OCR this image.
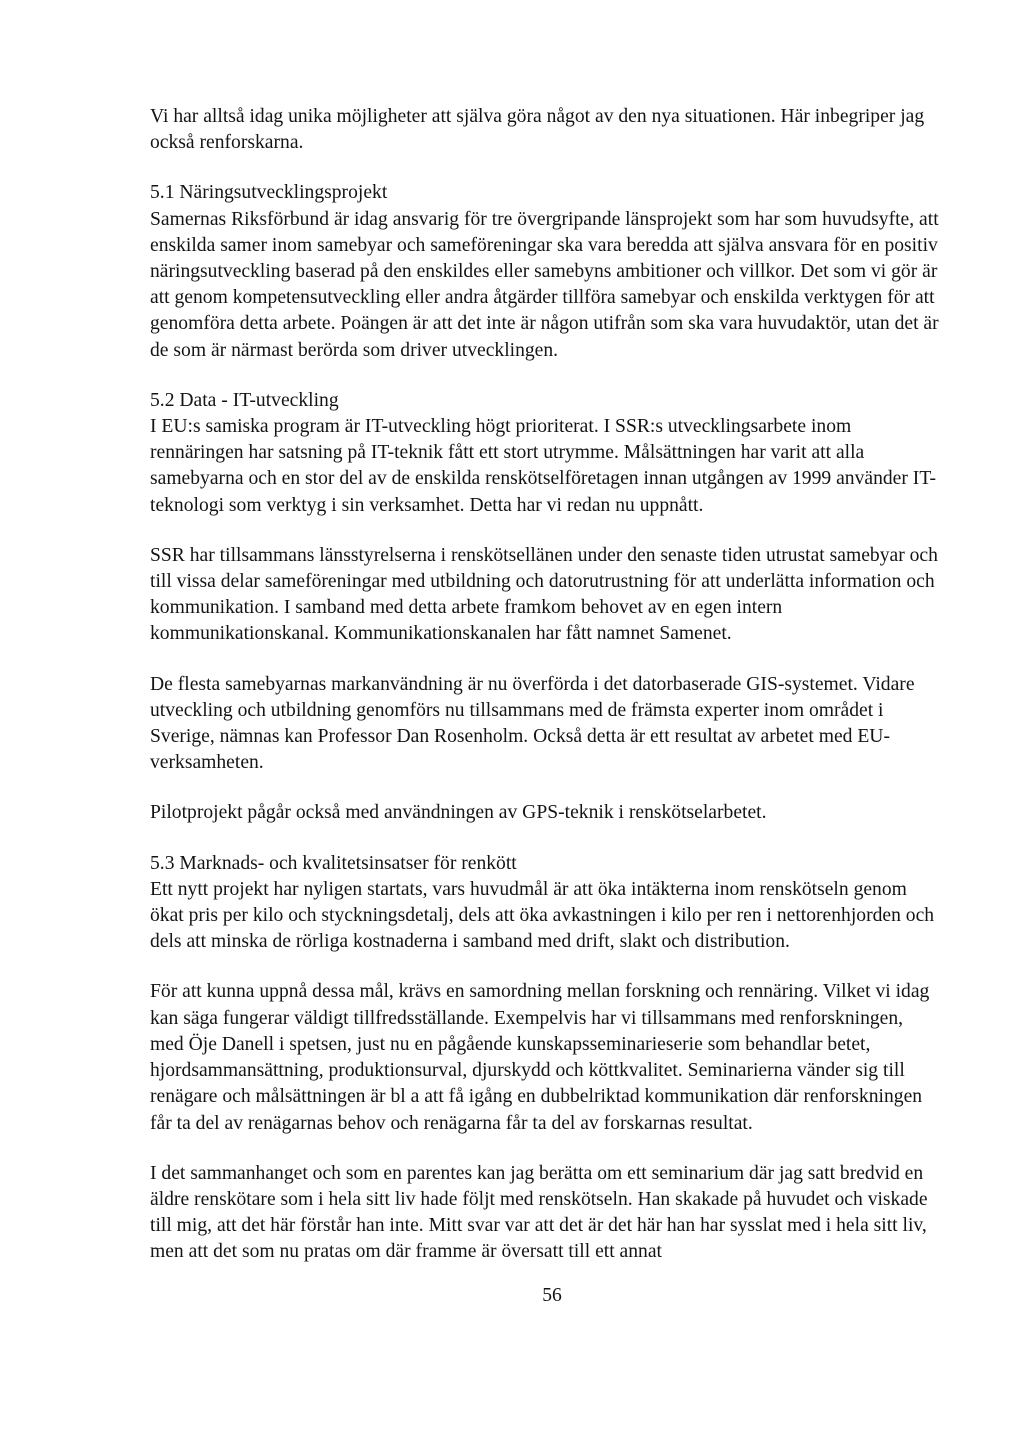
Vi har alltså idag unika möjligheter att själva göra något av den nya situationen. Här inbegriper jag också renforskarna.

5.1 Näringsutvecklingsprojekt

Samernas Riksförbund är idag ansvarig för tre övergripande länsprojekt som har som huvudsyfte, att enskilda samer inom samebyar och sameföreningar ska vara beredda att själva ansvara för en positiv näringsutveckling baserad på den enskildes eller samebyns ambitioner och villkor. Det som vi gör är att genom kompetensutveckling eller andra åtgärder tillföra samebyar och enskilda verktygen för att genomföra detta arbete. Poängen är att det inte är någon utifrån som ska vara huvudaktör, utan det är de som är närmast berörda som driver utvecklingen.

5.2 Data - IT-utveckling

I EU:s samiska program är IT-utveckling högt prioriterat. I SSR:s utvecklingsarbete inom rennäringen har satsning på IT-teknik fått ett stort utrymme. Målsättningen har varit att alla samebyarna och en stor del av de enskilda renskötselföretagen innan utgången av 1999 använder IT-teknologi som verktyg i sin verksamhet. Detta har vi redan nu uppnått.

SSR har tillsammans länsstyrelserna i renskötsellänen under den senaste tiden utrustat samebyar och till vissa delar sameföreningar med utbildning och datorutrustning för att underlätta information och kommunikation. I samband med detta arbete framkom behovet av en egen intern kommunikationskanal. Kommunikationskanalen har fått namnet Samenet.

De flesta samebyarnas markanvändning är nu överförda i det datorbaserade GIS-systemet. Vidare utveckling och utbildning genomförs nu tillsammans med de främsta experter inom området i Sverige, nämnas kan Professor Dan Rosenholm. Också detta är ett resultat av arbetet med EU-verksamheten.

Pilotprojekt pågår också med användningen av GPS-teknik i renskötselarbetet.

5.3 Marknads- och kvalitetsinsatser för renkött

Ett nytt projekt har nyligen startats, vars huvudmål är att öka intäkterna inom renskötseln genom ökat pris per kilo och styckningsdetalj, dels att öka avkastningen i kilo per ren i nettorenhjorden och dels att minska de rörliga kostnaderna i samband med drift, slakt och distribution.

För att kunna uppnå dessa mål, krävs en samordning mellan forskning och rennäring. Vilket vi idag kan säga fungerar väldigt tillfredsställande. Exempelvis har vi tillsammans med renforskningen, med Öje Danell i spetsen, just nu en pågående kunskapsseminarieserie som behandlar betet, hjordsammansättning, produktionsurval, djurskydd och köttkvalitet. Seminarierna vänder sig till renägare och målsättningen är bl a att få igång en dubbelriktad kommunikation där renforskningen får ta del av renägarnas behov och renägarna får ta del av forskarnas resultat.

I det sammanhanget och som en parentes kan jag berätta om ett seminarium där jag satt bredvid en äldre renskötare som i hela sitt liv hade följt med renskötseln. Han skakade på huvudet och viskade till mig, att det här förstår han inte. Mitt svar var att det är det här han har sysslat med i hela sitt liv, men att det som nu pratas om där framme är översatt till ett annat

56
